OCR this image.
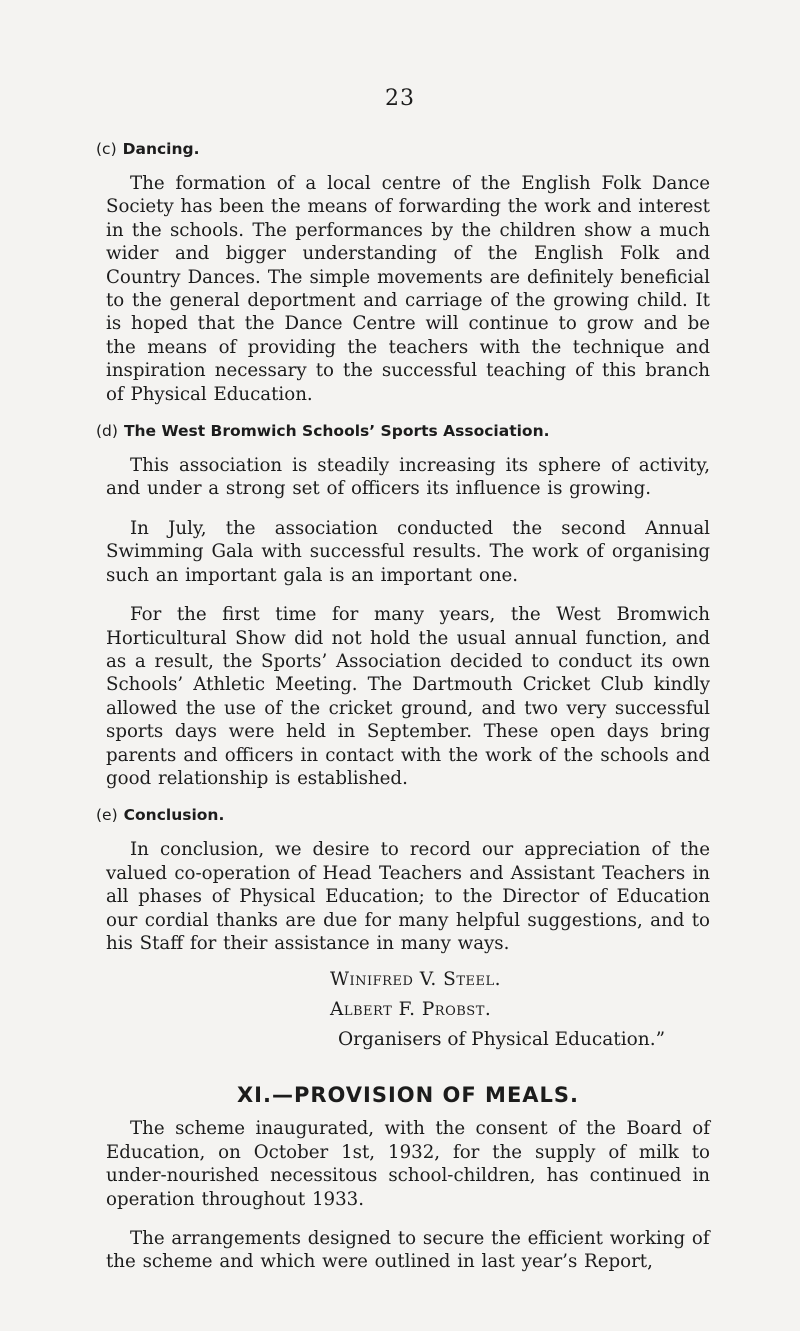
23
(c) Dancing.

The formation of a local centre of the English Folk Dance Society has been the means of forwarding the work and interest in the schools. The performances by the children show a much wider and bigger understanding of the English Folk and Country Dances. The simple movements are definitely beneficial to the general deportment and carriage of the growing child. It is hoped that the Dance Centre will continue to grow and be the means of providing the teachers with the technique and inspiration necessary to the successful teaching of this branch of Physical Education.

(d) The West Bromwich Schools’ Sports Association.

This association is steadily increasing its sphere of activity, and under a strong set of officers its influence is growing.

In July, the association conducted the second Annual Swimming Gala with successful results. The work of organising such an important gala is an important one.

For the first time for many years, the West Bromwich Horticultural Show did not hold the usual annual function, and as a result, the Sports’ Association decided to conduct its own Schools’ Athletic Meeting. The Dartmouth Cricket Club kindly allowed the use of the cricket ground, and two very successful sports days were held in September. These open days bring parents and officers in contact with the work of the schools and good relationship is established.

(e) Conclusion.

In conclusion, we desire to record our appreciation of the valued co-operation of Head Teachers and Assistant Teachers in all phases of Physical Education; to the Director of Education our cordial thanks are due for many helpful suggestions, and to his Staff for their assistance in many ways.

Winifred V. Steel.
Albert F. Probst.
Organisers of Physical Education.”
XI.—PROVISION OF MEALS.

The scheme inaugurated, with the consent of the Board of Education, on October 1st, 1932, for the supply of milk to under-nourished necessitous school-children, has continued in operation throughout 1933.

The arrangements designed to secure the efficient working of the scheme and which were outlined in last year’s Report,
